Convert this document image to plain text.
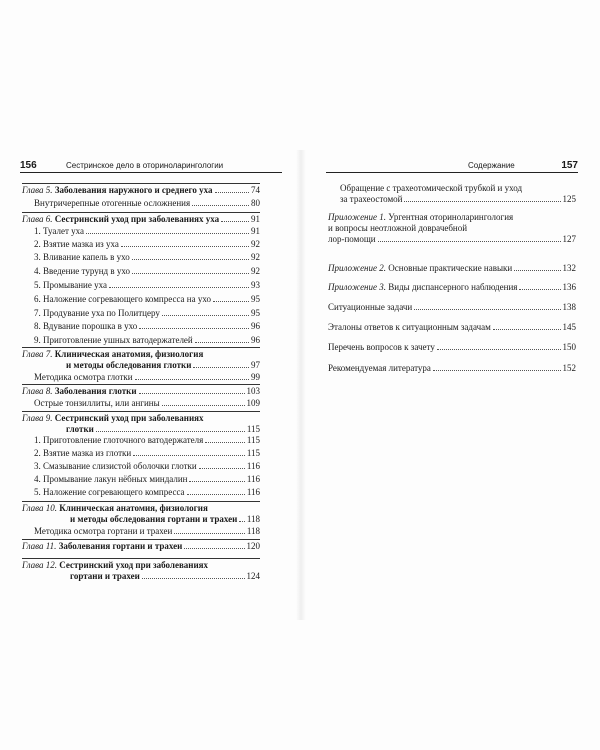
156	Сестринское дело в оториноларингологии
Глава 5.
Заболевания наружного и среднего уха	74
Внутричерепные отогенные осложнения	80
Глава 6.
Сестринский уход при заболеваниях уха	91
1. Туалет уха	91
2. Взятие мазка из уха	92
3. Вливание капель в ухо	92
4. Введение турунд в ухо	92
5. Промывание уха	93
6. Наложение согревающего компресса на ухо	95
7. Продувание уха по Политцеру	95
8. Вдувание порошка в ухо	96
9. Приготовление ушных ватодержателей	96
Глава 7.
Клиническая анатомия, физиология
и методы обследования глотки	97
Методика осмотра глотки	99
Глава 8.
Заболевания глотки	103
Острые тонзиллиты, или ангины	109
Глава 9.
Сестринский уход при заболеваниях
глотки	115
1. Приготовление глоточного ватодержателя	115
2. Взятие мазка из глотки	115
3. Смазывание слизистой оболочки глотки	116
4. Промывание лакун нёбных миндалин	116
5. Наложение согревающего компресса	116
Глава 10.
Клиническая анатомия, физиология
и методы обследования гортани и трахеи 118
Методика осмотра гортани и трахеи	118
Глава 11.
Заболевания гортани и трахеи	120
Глава 12.
Сестринский уход при заболеваниях
гортани и трахеи	124
Содержание	157
Обращение с трахеотомической трубкой и уход
за трахеостомой	125
Приложение 1.
Ургентная оториноларингология
и вопросы неотложной доврачебной
лор-помощи	127
Приложение 2.
Основные практические навыки	132
Приложение 3.
Виды диспансерного наблюдения	136
Ситуационные задачи	138
Эталоны ответов к ситуационным задачам	145
Перечень вопросов к зачету	150
Рекомендуемая литература	152
